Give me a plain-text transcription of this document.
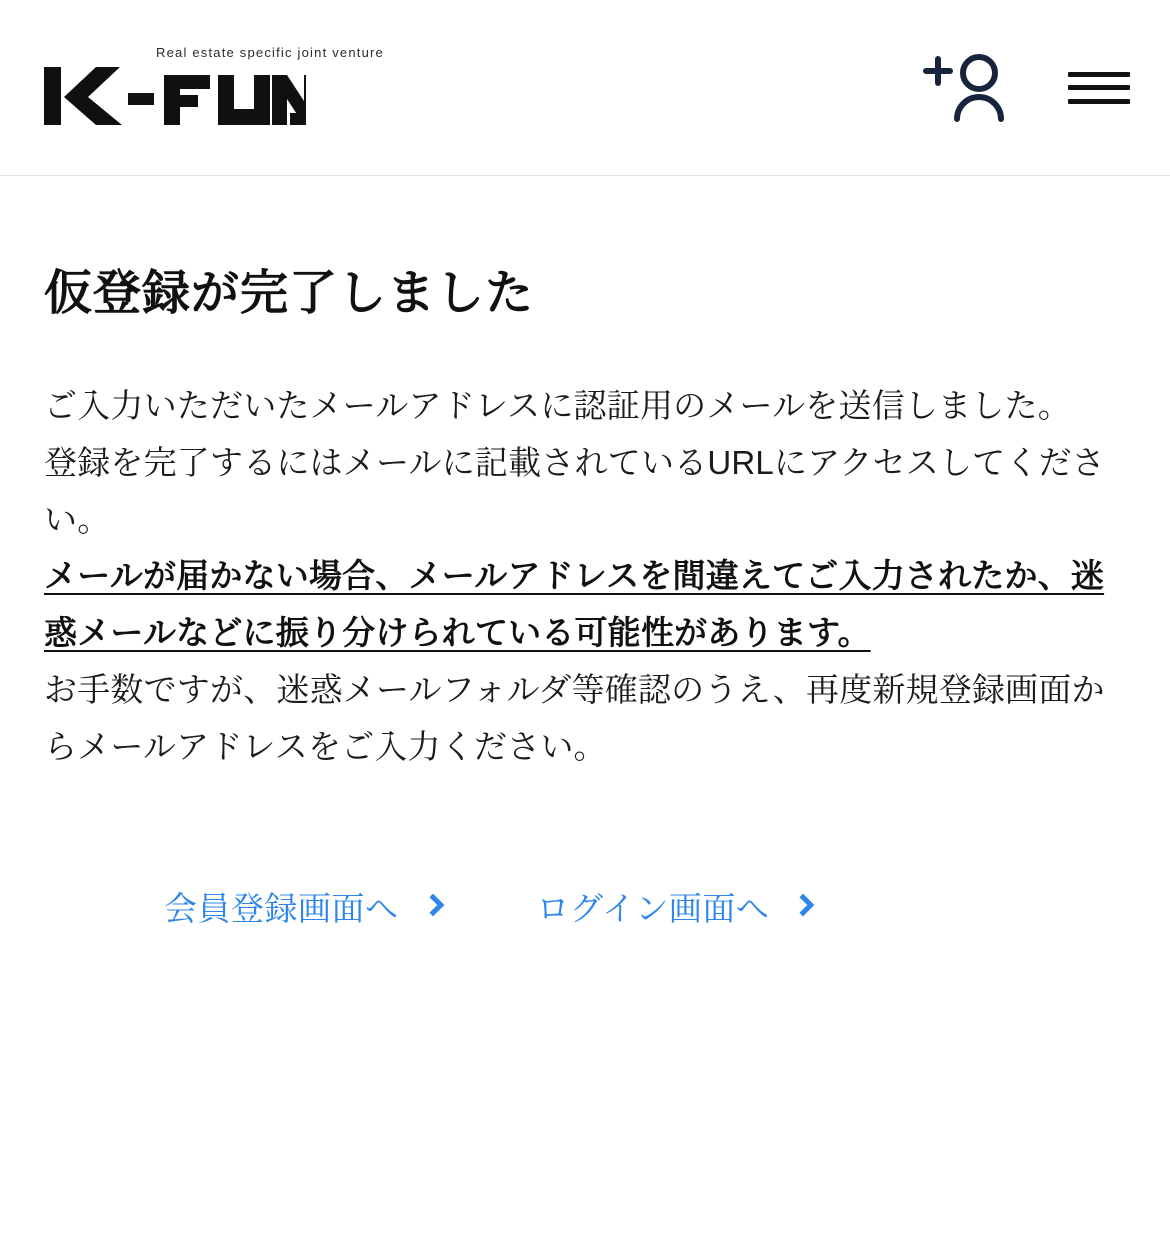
Real estate specific joint venture
仮登録が完了しました

ご入力いただいたメールアドレスに認証用のメールを送信しました。

登録を完了するにはメールに記載されているURLにアクセスしてください。

メールが届かない場合、メールアドレスを間違えてご入力されたか、迷惑メールなどに振り分けられている可能性があります。

お手数ですが、迷惑メールフォルダ等確認のうえ、再度新規登録画面からメールアドレスをご入力ください。

会員登録画面へ	ログイン画面へ
